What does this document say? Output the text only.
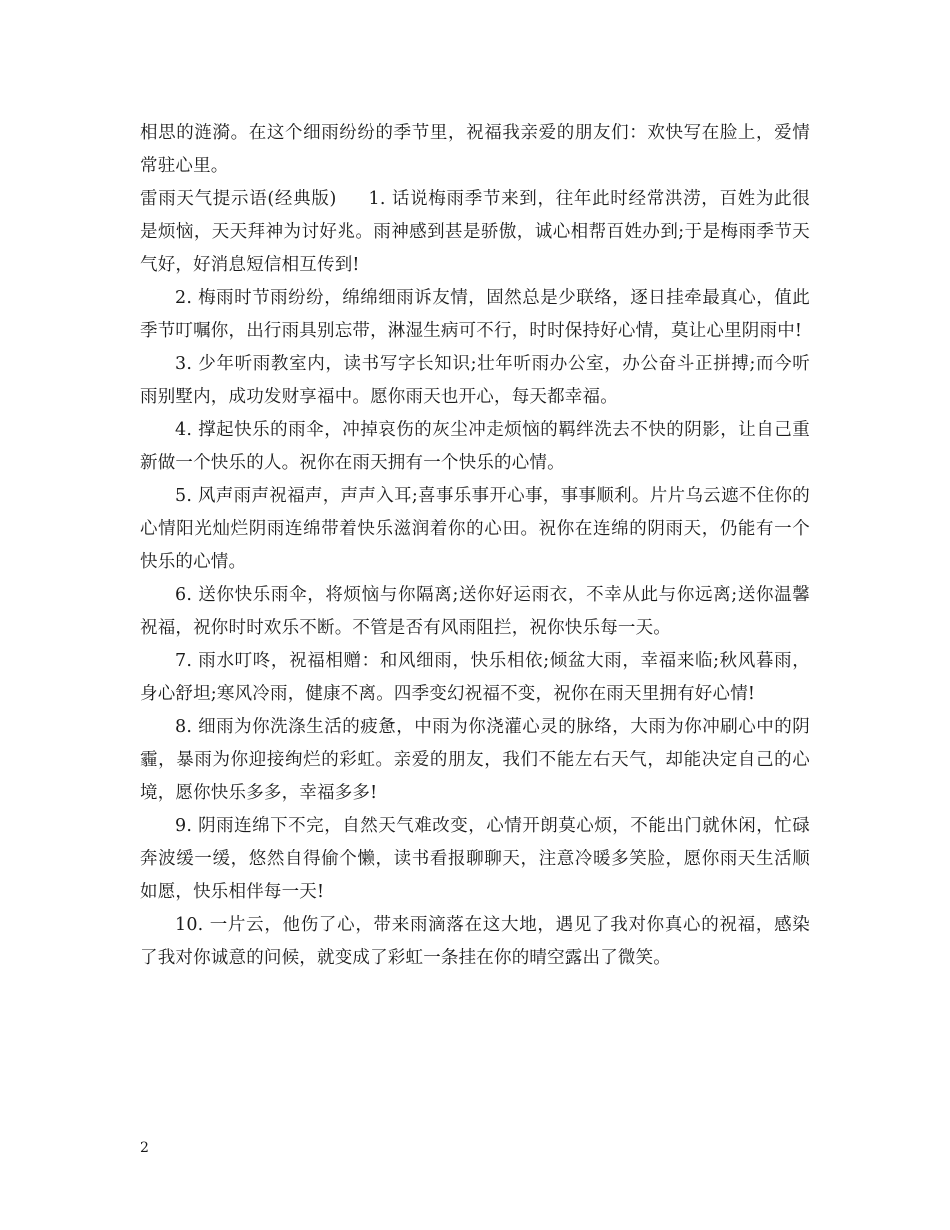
相思的涟漪。在这个细雨纷纷的季节里，祝福我亲爱的朋友们：欢快写在脸上，爱情常驻心里。

雷雨天气提示语(经典版) 1. 话说梅雨季节来到，往年此时经常洪涝，百姓为此很是烦恼，天天拜神为讨好兆。雨神感到甚是骄傲，诚心相帮百姓办到;于是梅雨季节天气好，好消息短信相互传到!

2. 梅雨时节雨纷纷，绵绵细雨诉友情，固然总是少联络，逐日挂牵最真心，值此季节叮嘱你，出行雨具别忘带，淋湿生病可不行，时时保持好心情，莫让心里阴雨中!

3. 少年听雨教室内，读书写字长知识;壮年听雨办公室，办公奋斗正拼搏;而今听雨别墅内，成功发财享福中。愿你雨天也开心，每天都幸福。

4. 撑起快乐的雨伞，冲掉哀伤的灰尘冲走烦恼的羁绊洗去不快的阴影，让自己重新做一个快乐的人。祝你在雨天拥有一个快乐的心情。

5. 风声雨声祝福声，声声入耳;喜事乐事开心事，事事顺利。片片乌云遮不住你的心情阳光灿烂阴雨连绵带着快乐滋润着你的心田。祝你在连绵的阴雨天，仍能有一个快乐的心情。

6. 送你快乐雨伞，将烦恼与你隔离;送你好运雨衣，不幸从此与你远离;送你温馨祝福，祝你时时欢乐不断。不管是否有风雨阻拦，祝你快乐每一天。

7. 雨水叮咚，祝福相赠：和风细雨，快乐相依;倾盆大雨，幸福来临;秋风暮雨，身心舒坦;寒风冷雨，健康不离。四季变幻祝福不变，祝你在雨天里拥有好心情!

8. 细雨为你洗涤生活的疲惫，中雨为你浇灌心灵的脉络，大雨为你冲刷心中的阴霾，暴雨为你迎接绚烂的彩虹。亲爱的朋友，我们不能左右天气，却能决定自己的心境，愿你快乐多多，幸福多多!

9. 阴雨连绵下不完，自然天气难改变，心情开朗莫心烦，不能出门就休闲，忙碌奔波缓一缓，悠然自得偷个懒，读书看报聊聊天，注意冷暖多笑脸，愿你雨天生活顺如愿，快乐相伴每一天!

10. 一片云，他伤了心，带来雨滴落在这大地，遇见了我对你真心的祝福，感染了我对你诚意的问候，就变成了彩虹一条挂在你的晴空露出了微笑。

2
